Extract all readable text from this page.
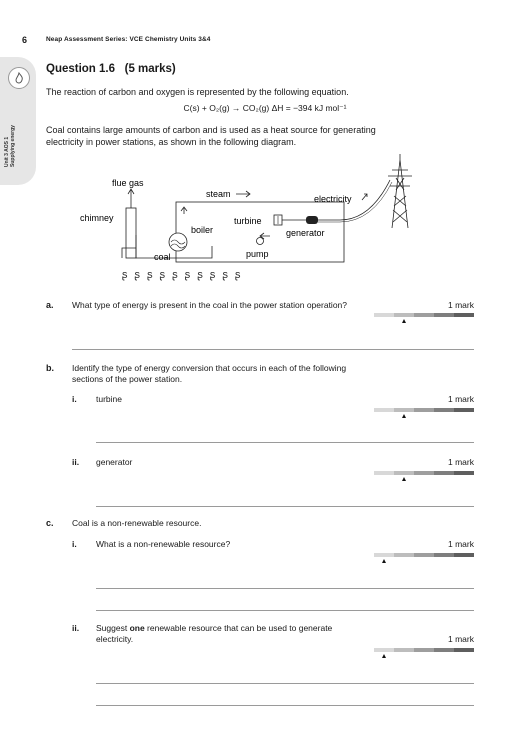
6	Neap Assessment Series: VCE Chemistry Units 3&4
Unit 3 AOS 1 Supplying energy
Question 1.6 (5 marks)
The reaction of carbon and oxygen is represented by the following equation.
C(s) + O₂(g) → CO₂(g) ΔH = −394 kJ mol⁻¹
Coal contains large amounts of carbon and is used as a heat source for generating
electricity in power stations, as shown in the following diagram.
flue gas
chimney
steam
boiler
turbine
generator
pump
coal
ʂ ʂ ʂ ʂ ʂ ʂ ʂ ʂ ʂ ʂ
electricity
a. What type of energy is present in the coal in the power station operation?	1 mark
b. Identify the type of energy conversion that occurs in each of the following
sections of the power station.
i. turbine	1 mark
ii. generator	1 mark
c. Coal is a non-renewable resource.
i. What is a non-renewable resource?	1 mark
ii. Suggest one renewable resource that can be used to generate
electricity.	1 mark
